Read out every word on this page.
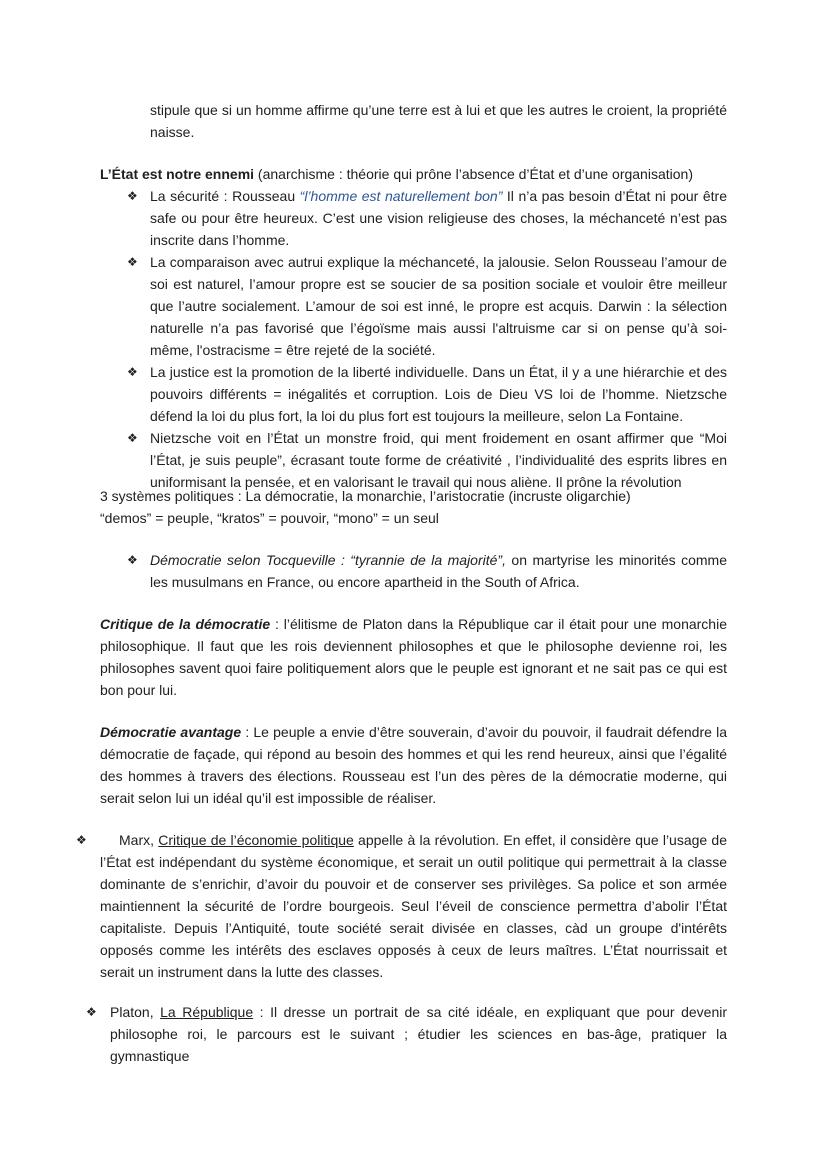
stipule que si un homme affirme qu’une terre est à lui et que les autres le croient, la propriété naisse.

L’État est notre ennemi (anarchisme : théorie qui prône l’absence d’État et d’une organisation)

❖ La sécurité : Rousseau “l’homme est naturellement bon” Il n’a pas besoin d’État ni pour être safe ou pour être heureux. C’est une vision religieuse des choses, la méchanceté n’est pas inscrite dans l’homme.

❖ La comparaison avec autrui explique la méchanceté, la jalousie. Selon Rousseau l’amour de soi est naturel, l’amour propre est se soucier de sa position sociale et vouloir être meilleur que l’autre socialement. L’amour de soi est inné, le propre est acquis. Darwin : la sélection naturelle n’a pas favorisé que l’égoïsme mais aussi l'altruisme car si on pense qu’à soi-même, l'ostracisme = être rejeté de la société.

❖ La justice est la promotion de la liberté individuelle. Dans un État, il y a une hiérarchie et des pouvoirs différents = inégalités et corruption. Lois de Dieu VS loi de l’homme. Nietzsche défend la loi du plus fort, la loi du plus fort est toujours la meilleure, selon La Fontaine.

❖ Nietzsche voit en l’État un monstre froid, qui ment froidement en osant affirmer que “Moi l’État, je suis peuple”, écrasant toute forme de créativité , l’individualité des esprits libres en uniformisant la pensée, et en valorisant le travail qui nous aliène. Il prône la révolution

3 systèmes politiques : La démocratie, la monarchie, l’aristocratie (incruste oligarchie)

“demos” = peuple, “kratos” = pouvoir, “mono” = un seul

❖ Démocratie selon Tocqueville : “tyrannie de la majorité”, on martyrise les minorités comme les musulmans en France, ou encore apartheid in the South of Africa.

Critique de la démocratie : l’élitisme de Platon dans la République car il était pour une monarchie philosophique. Il faut que les rois deviennent philosophes et que le philosophe devienne roi, les philosophes savent quoi faire politiquement alors que le peuple est ignorant et ne sait pas ce qui est bon pour lui.

Démocratie avantage : Le peuple a envie d’être souverain, d’avoir du pouvoir, il faudrait défendre la démocratie de façade, qui répond au besoin des hommes et qui les rend heureux, ainsi que l’égalité des hommes à travers des élections. Rousseau est l’un des pères de la démocratie moderne, qui serait selon lui un idéal qu’il est impossible de réaliser.

❖	Marx, Critique de l’économie politique appelle à la révolution. En effet, il considère que l’usage de l’État est indépendant du système économique, et serait un outil politique qui permettrait à la classe dominante de s’enrichir, d’avoir du pouvoir et de conserver ses privilèges. Sa police et son armée maintiennent la sécurité de l’ordre bourgeois. Seul l’éveil de conscience permettra d’abolir l’État capitaliste. Depuis l’Antiquité, toute société serait divisée en classes, càd un groupe d'intérêts opposés comme les intérêts des esclaves opposés à ceux de leurs maîtres. L’État nourrissait et serait un instrument dans la lutte des classes.

❖ Platon, La République : Il dresse un portrait de sa cité idéale, en expliquant que pour devenir philosophe roi, le parcours est le suivant ; étudier les sciences en bas-âge, pratiquer la gymnastique
